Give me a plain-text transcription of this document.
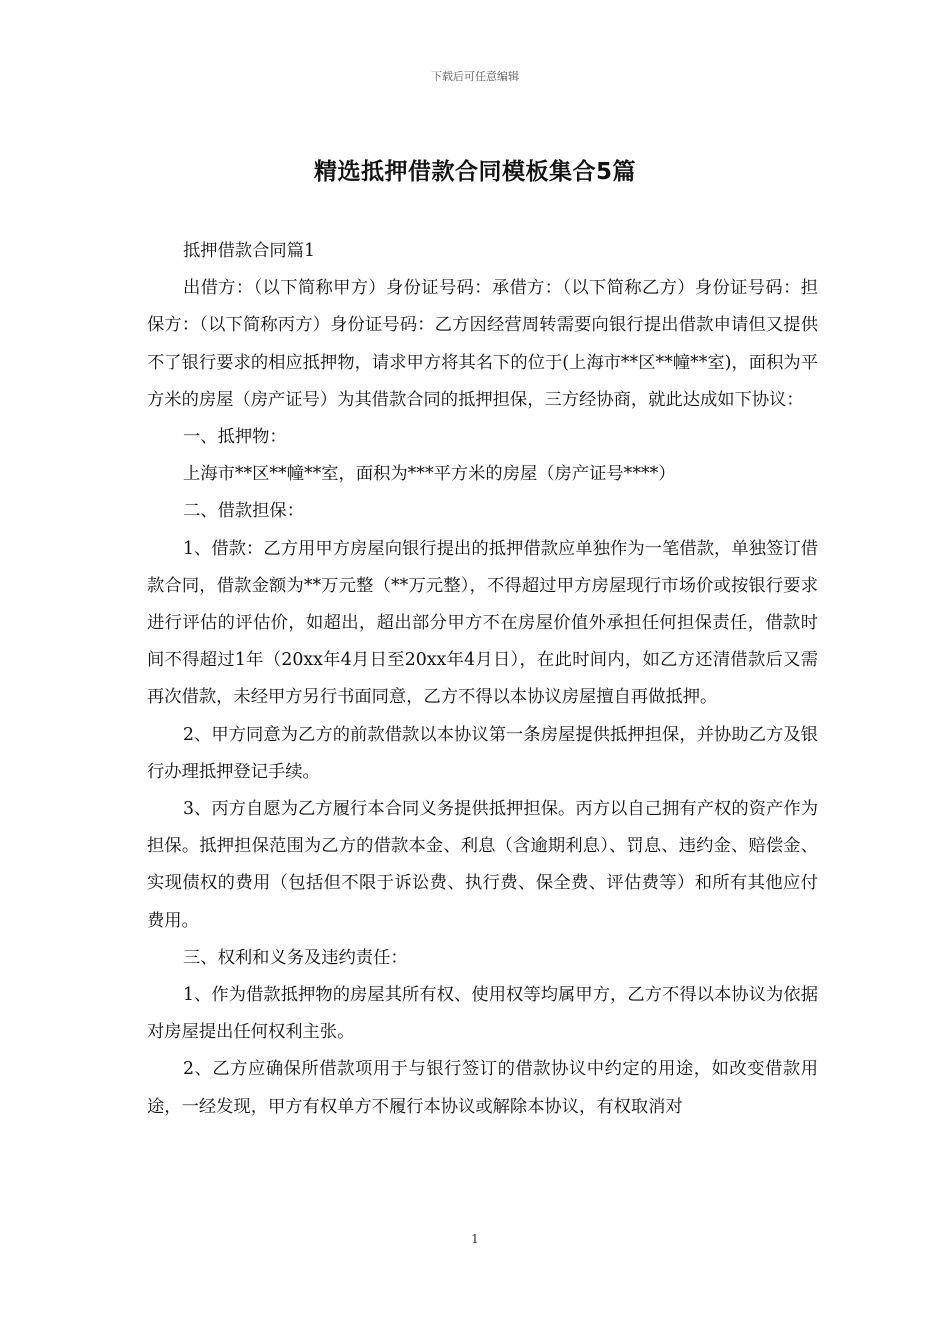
下载后可任意编辑
精选抵押借款合同模板集合5篇

抵押借款合同篇1

出借方：（以下简称甲方）身份证号码：承借方：（以下简称乙方）身份证号码：担保方：（以下简称丙方）身份证号码：乙方因经营周转需要向银行提出借款申请但又提供不了银行要求的相应抵押物，请求甲方将其名下的位于(上海市**区**幢**室)，面积为平方米的房屋（房产证号）为其借款合同的抵押担保，三方经协商，就此达成如下协议：

一、抵押物：

上海市**区**幢**室，面积为***平方米的房屋（房产证号****）

二、借款担保：

1、借款：乙方用甲方房屋向银行提出的抵押借款应单独作为一笔借款，单独签订借款合同，借款金额为**万元整（**万元整），不得超过甲方房屋现行市场价或按银行要求进行评估的评估价，如超出，超出部分甲方不在房屋价值外承担任何担保责任，借款时间不得超过1年（20xx年4月日至20xx年4月日），在此时间内，如乙方还清借款后又需再次借款，未经甲方另行书面同意，乙方不得以本协议房屋擅自再做抵押。

2、甲方同意为乙方的前款借款以本协议第一条房屋提供抵押担保，并协助乙方及银行办理抵押登记手续。

3、丙方自愿为乙方履行本合同义务提供抵押担保。丙方以自己拥有产权的资产作为担保。抵押担保范围为乙方的借款本金、利息（含逾期利息）、罚息、违约金、赔偿金、实现债权的费用（包括但不限于诉讼费、执行费、保全费、评估费等）和所有其他应付费用。

三、权利和义务及违约责任：

1、作为借款抵押物的房屋其所有权、使用权等均属甲方，乙方不得以本协议为依据对房屋提出任何权利主张。

2、乙方应确保所借款项用于与银行签订的借款协议中约定的用途，如改变借款用途，一经发现，甲方有权单方不履行本协议或解除本协议，有权取消对

1
